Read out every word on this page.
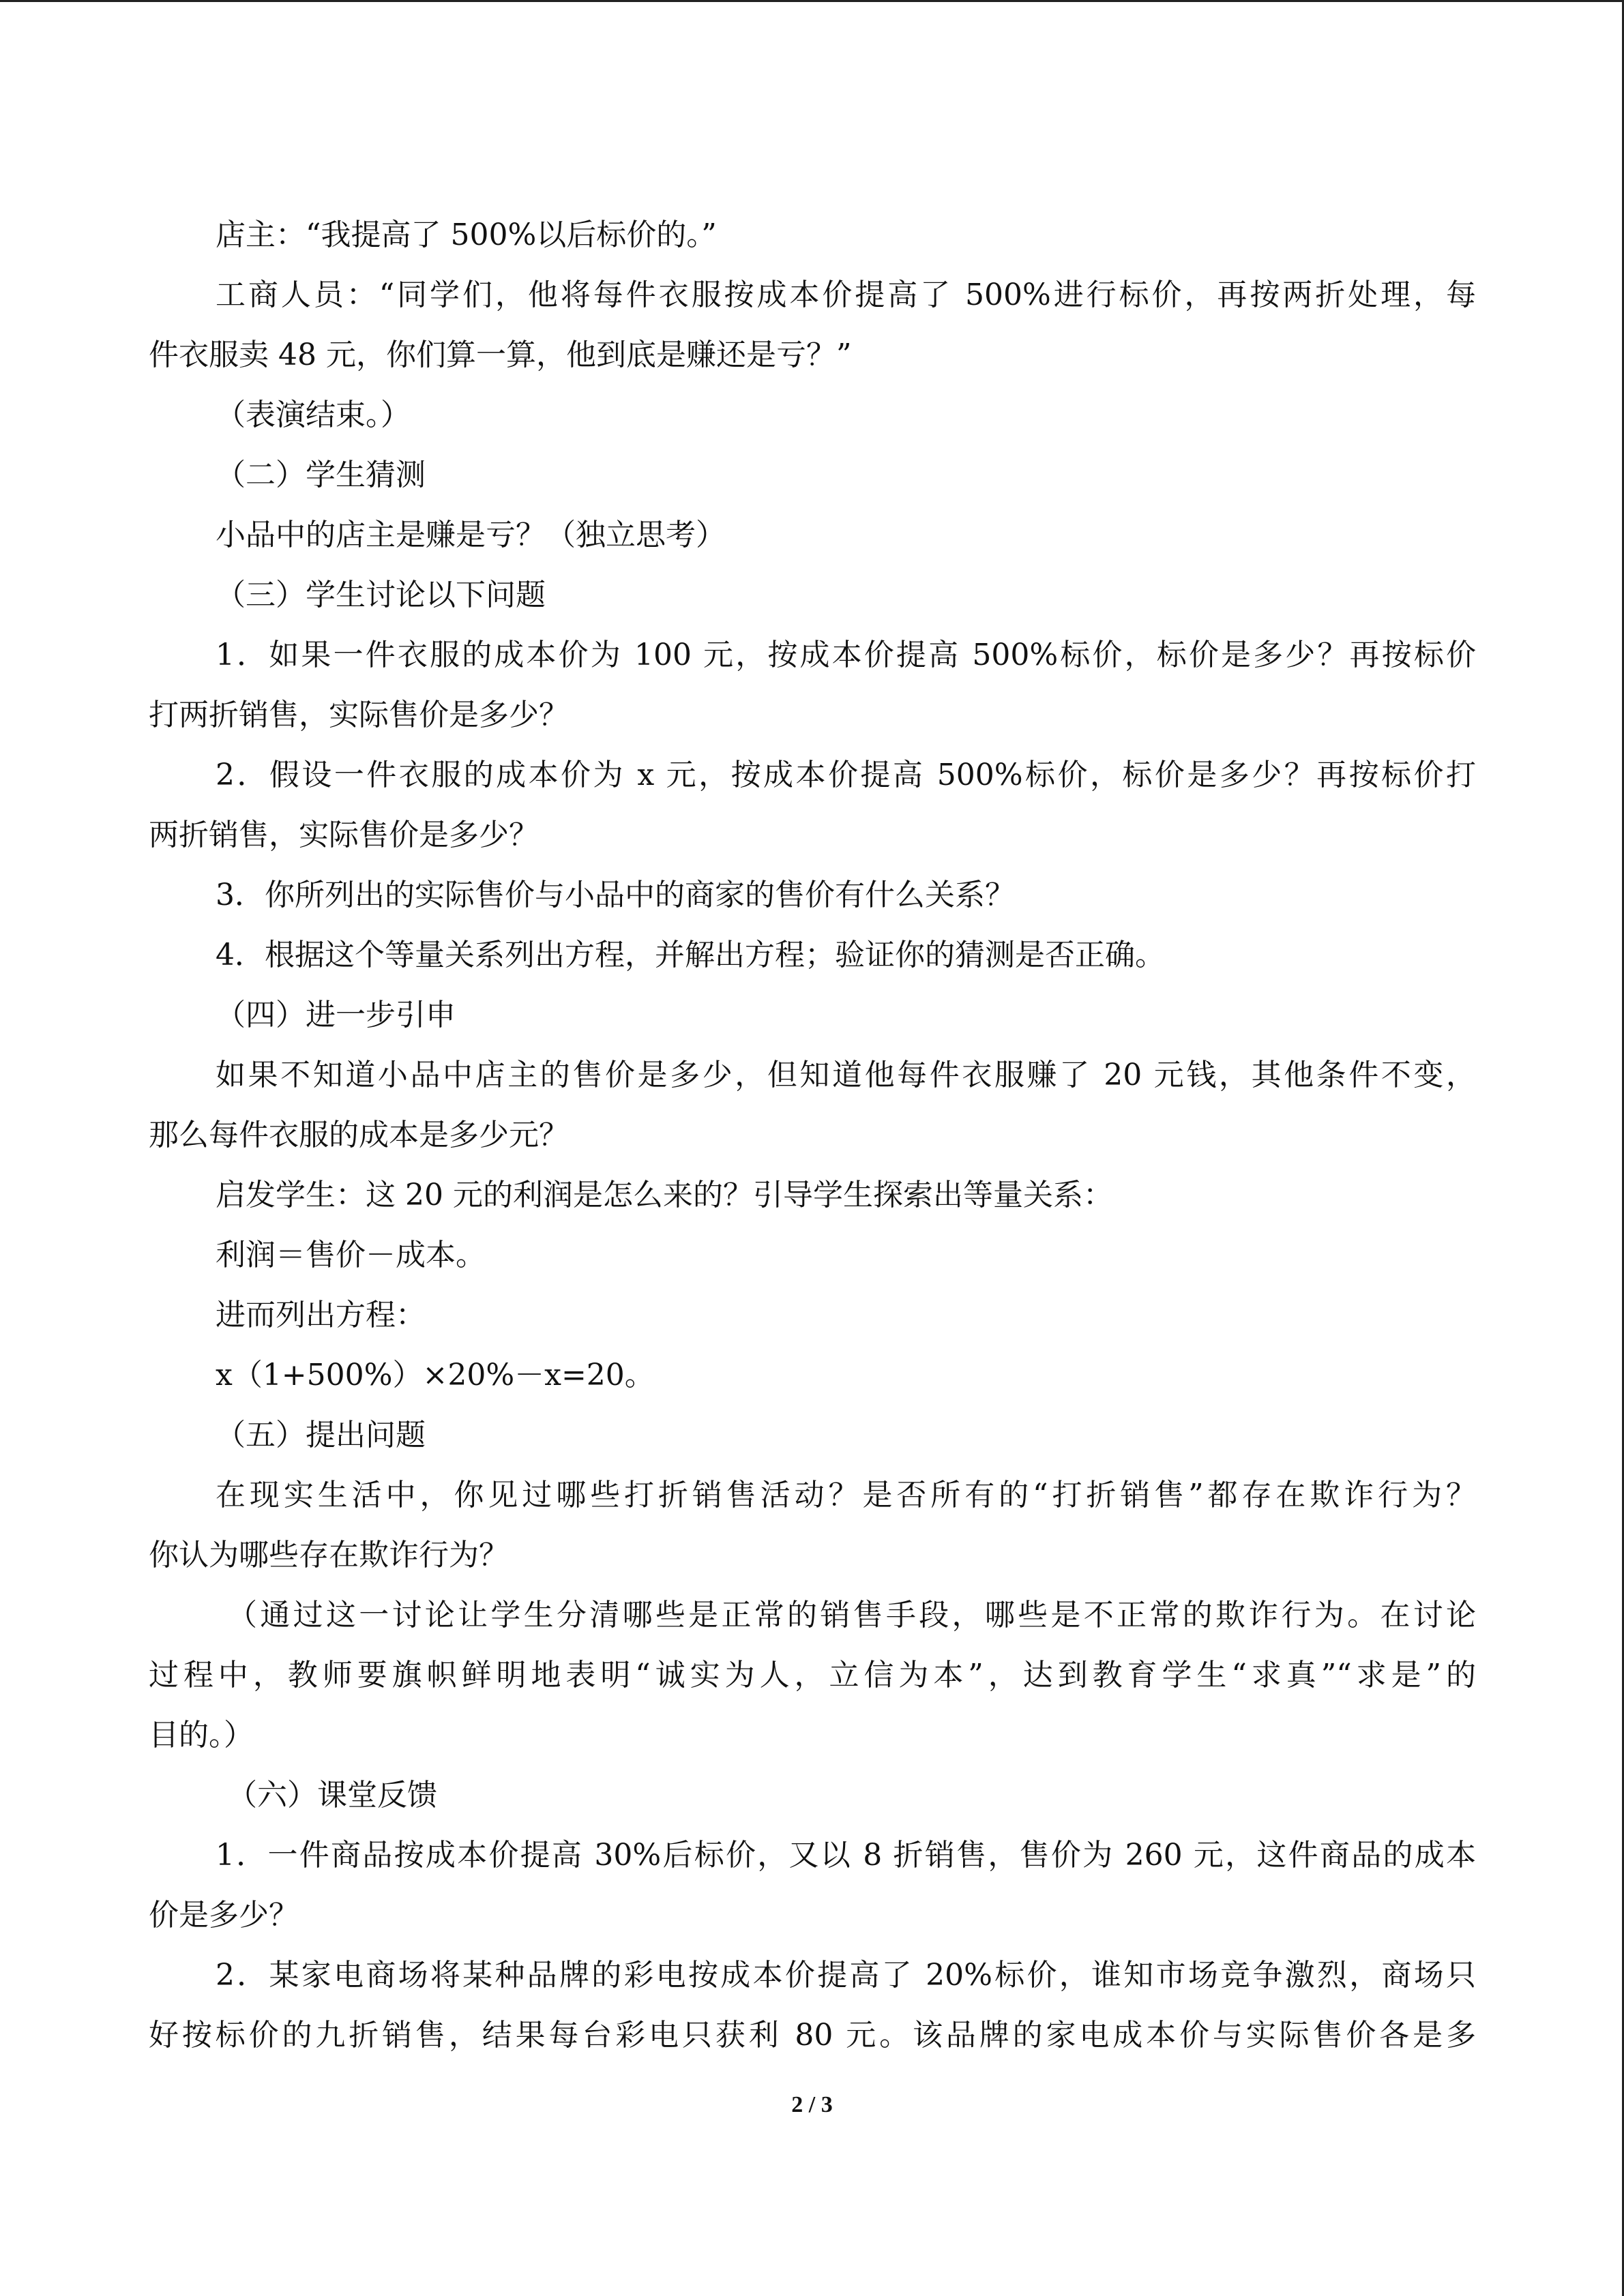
店主：“我提高了 500%以后标价的。”
工商人员：“同学们，他将每件衣服按成本价提高了 500%进行标价，再按两折处理，每
件衣服卖 48 元，你们算一算，他到底是赚还是亏？”
（表演结束。）
（二）学生猜测
小品中的店主是赚是亏？（独立思考）
（三）学生讨论以下问题
1．如果一件衣服的成本价为 100 元，按成本价提高 500%标价，标价是多少？再按标价
打两折销售，实际售价是多少？
2．假设一件衣服的成本价为 x 元，按成本价提高 500%标价，标价是多少？再按标价打
两折销售，实际售价是多少？
3．你所列出的实际售价与小品中的商家的售价有什么关系？
4．根据这个等量关系列出方程，并解出方程；验证你的猜测是否正确。
（四）进一步引申
如果不知道小品中店主的售价是多少，但知道他每件衣服赚了 20 元钱，其他条件不变，
那么每件衣服的成本是多少元？
启发学生：这 20 元的利润是怎么来的？引导学生探索出等量关系：
利润＝售价－成本。
进而列出方程：
x（1+500%）×20%－x=20。
（五）提出问题
在现实生活中，你见过哪些打折销售活动？是否所有的“打折销售”都存在欺诈行为？
你认为哪些存在欺诈行为？
（通过这一讨论让学生分清哪些是正常的销售手段，哪些是不正常的欺诈行为。在讨论
过程中，教师要旗帜鲜明地表明“诚实为人，立信为本”，达到教育学生“求真”“求是”的
目的。）
（六）课堂反馈
1．一件商品按成本价提高 30%后标价，又以 8 折销售，售价为 260 元，这件商品的成本
价是多少？
2．某家电商场将某种品牌的彩电按成本价提高了 20%标价，谁知市场竞争激烈，商场只
好按标价的九折销售，结果每台彩电只获利 80 元。该品牌的家电成本价与实际售价各是多
2 / 3
